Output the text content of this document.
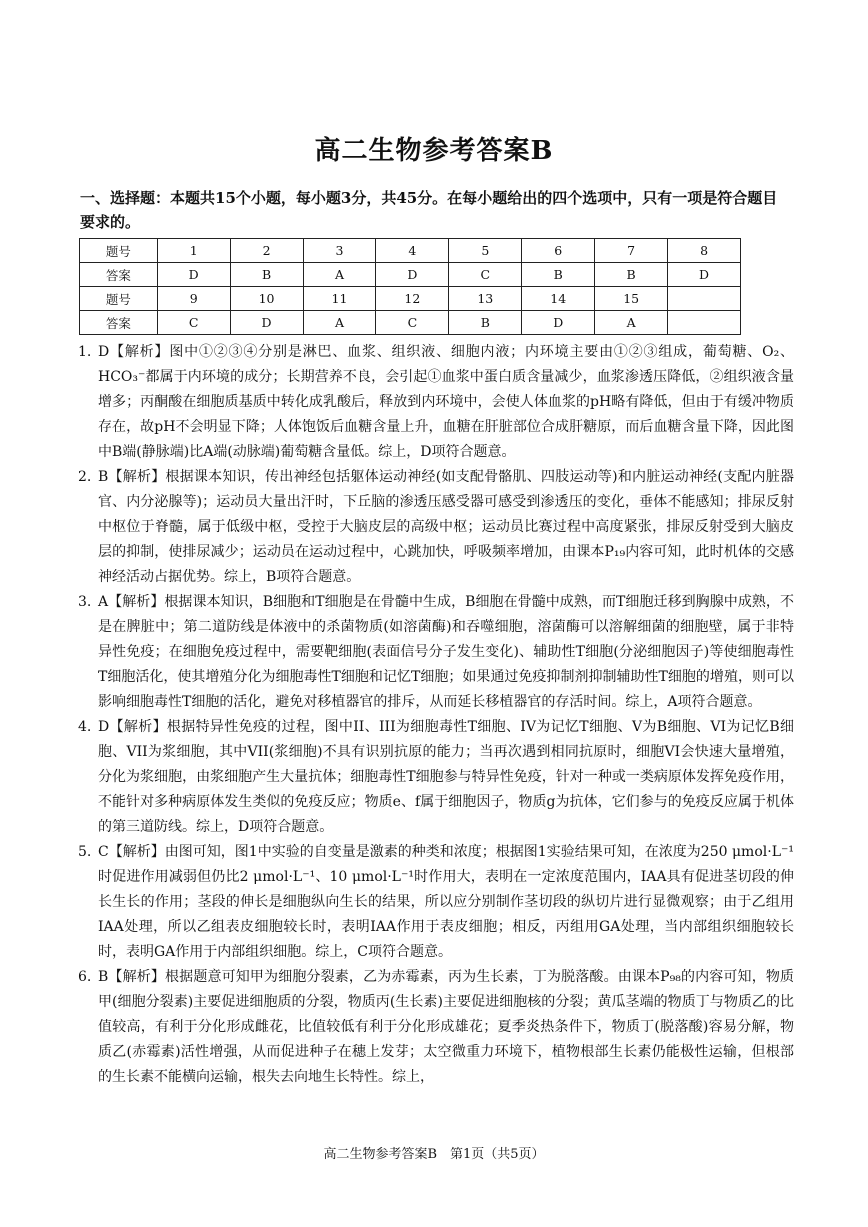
高二生物参考答案B
一、选择题：本题共15个小题，每小题3分，共45分。在每小题给出的四个选项中，只有一项是符合题目要求的。
题号	1	2	3	4	5	6	7	8
答案	D	B	A	D	C	B	B	D
题号	9	10	11	12	13	14	15	
答案	C	D	A	C	B	D	A	

1. D【解析】图中①②③④分别是淋巴、血浆、组织液、细胞内液；内环境主要由①②③组成，葡萄糖、O₂、HCO₃⁻都属于内环境的成分；长期营养不良，会引起①血浆中蛋白质含量减少，血浆渗透压降低，②组织液含量增多；丙酮酸在细胞质基质中转化成乳酸后，释放到内环境中，会使人体血浆的pH略有降低，但由于有缓冲物质存在，故pH不会明显下降；人体饱饭后血糖含量上升，血糖在肝脏部位合成肝糖原，而后血糖含量下降，因此图中B端(静脉端)比A端(动脉端)葡萄糖含量低。综上，D项符合题意。

2. B【解析】根据课本知识，传出神经包括躯体运动神经(如支配骨骼肌、四肢运动等)和内脏运动神经(支配内脏器官、内分泌腺等)；运动员大量出汗时，下丘脑的渗透压感受器可感受到渗透压的变化，垂体不能感知；排尿反射中枢位于脊髓，属于低级中枢，受控于大脑皮层的高级中枢；运动员比赛过程中高度紧张，排尿反射受到大脑皮层的抑制，使排尿减少；运动员在运动过程中，心跳加快，呼吸频率增加，由课本P₁₉内容可知，此时机体的交感神经活动占据优势。综上，B项符合题意。

3. A【解析】根据课本知识，B细胞和T细胞是在骨髓中生成，B细胞在骨髓中成熟，而T细胞迁移到胸腺中成熟，不是在脾脏中；第二道防线是体液中的杀菌物质(如溶菌酶)和吞噬细胞，溶菌酶可以溶解细菌的细胞壁，属于非特异性免疫；在细胞免疫过程中，需要靶细胞(表面信号分子发生变化)、辅助性T细胞(分泌细胞因子)等使细胞毒性T细胞活化，使其增殖分化为细胞毒性T细胞和记忆T细胞；如果通过免疫抑制剂抑制辅助性T细胞的增殖，则可以影响细胞毒性T细胞的活化，避免对移植器官的排斥，从而延长移植器官的存活时间。综上，A项符合题意。

4. D【解析】根据特异性免疫的过程，图中II、III为细胞毒性T细胞、IV为记忆T细胞、V为B细胞、VI为记忆B细胞、VII为浆细胞，其中VII(浆细胞)不具有识别抗原的能力；当再次遇到相同抗原时，细胞VI会快速大量增殖，分化为浆细胞，由浆细胞产生大量抗体；细胞毒性T细胞参与特异性免疫，针对一种或一类病原体发挥免疫作用，不能针对多种病原体发生类似的免疫反应；物质e、f属于细胞因子，物质g为抗体，它们参与的免疫反应属于机体的第三道防线。综上，D项符合题意。

5. C【解析】由图可知，图1中实验的自变量是激素的种类和浓度；根据图1实验结果可知，在浓度为250 μmol·L⁻¹时促进作用减弱但仍比2 μmol·L⁻¹、10 μmol·L⁻¹时作用大，表明在一定浓度范围内，IAA具有促进茎切段的伸长生长的作用；茎段的伸长是细胞纵向生长的结果，所以应分别制作茎切段的纵切片进行显微观察；由于乙组用IAA处理，所以乙组表皮细胞较长时，表明IAA作用于表皮细胞；相反，丙组用GA处理，当内部组织细胞较长时，表明GA作用于内部组织细胞。综上，C项符合题意。

6. B【解析】根据题意可知甲为细胞分裂素，乙为赤霉素，丙为生长素，丁为脱落酸。由课本P₉₈的内容可知，物质甲(细胞分裂素)主要促进细胞质的分裂，物质丙(生长素)主要促进细胞核的分裂；黄瓜茎端的物质丁与物质乙的比值较高，有利于分化形成雌花，比值较低有利于分化形成雄花；夏季炎热条件下，物质丁(脱落酸)容易分解，物质乙(赤霉素)活性增强，从而促进种子在穗上发芽；太空微重力环境下，植物根部生长素仍能极性运输，但根部的生长素不能横向运输，根失去向地生长特性。综上，

高二生物参考答案B　第1页（共5页）
